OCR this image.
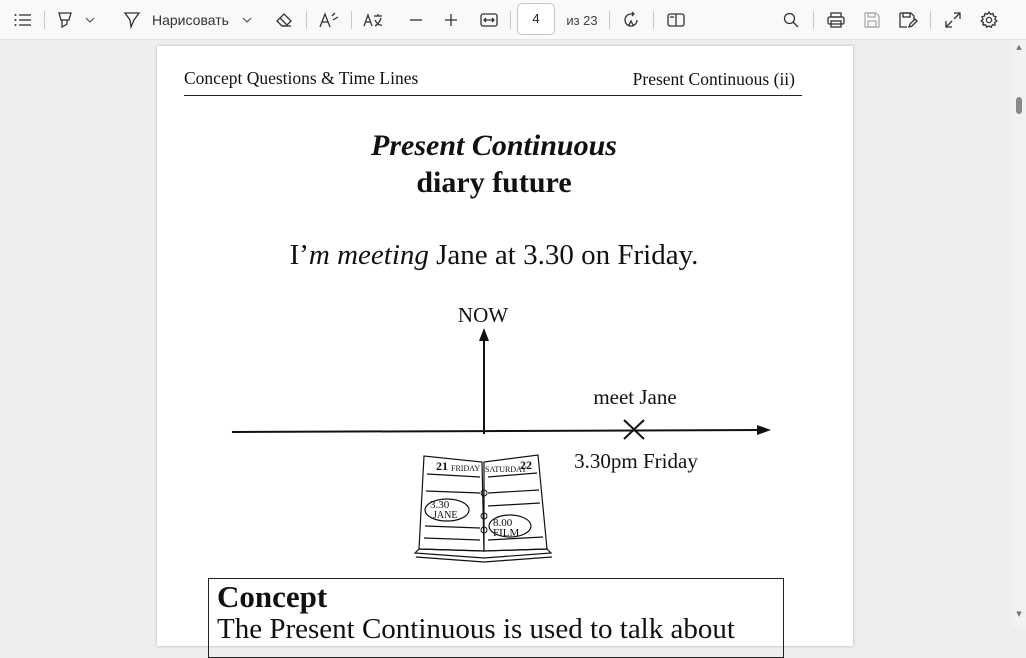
Нарисовать	4	из 23
Concept Questions & Time Lines	Present Continuous (ii)
Present Continuous
diary future
I’m meeting Jane at 3.30 on Friday.
NOW
meet Jane
3.30pm Friday
21 FRIDAY SATURDAY
22
3.30
JANE
8.00
FILM
Concept
The Present Continuous is used to talk about
▲
▼
